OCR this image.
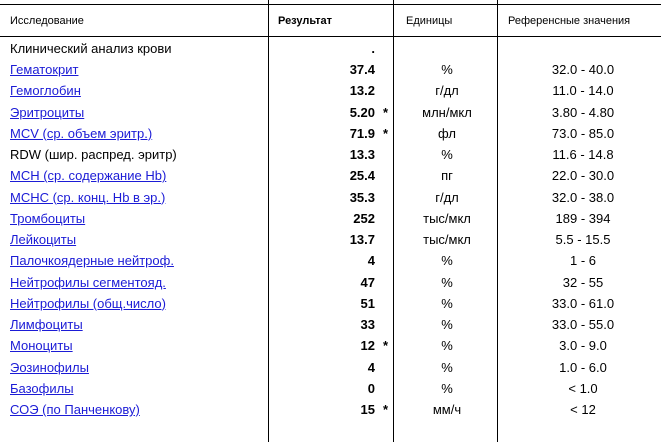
Исследование	Результат	Единицы	Референсные значения
Клинический анализ крови	.
Гематокрит	37.4	%	32.0 - 40.0
Гемоглобин	13.2	г/дл	11.0 - 14.0
Эритроциты	5.20 *	млн/мкл	3.80 - 4.80
MCV (ср. объем эритр.)	71.9 *	фл	73.0 - 85.0
RDW (шир. распред. эритр)	13.3	%	11.6 - 14.8
MCH (ср. содержание Hb)	25.4	пг	22.0 - 30.0
MCHC (ср. конц. Hb в эр.)	35.3	г/дл	32.0 - 38.0
Тромбоциты	252	тыс/мкл	189 - 394
Лейкоциты	13.7	тыс/мкл	5.5 - 15.5
Палочкоядерные нейтроф.	4	%	1 - 6
Нейтрофилы сегментояд.	47	%	32 - 55
Нейтрофилы (общ.число)	51	%	33.0 - 61.0
Лимфоциты	33	%	33.0 - 55.0
Моноциты	12 *	%	3.0 - 9.0
Эозинофилы	4	%	1.0 - 6.0
Базофилы	0	%	< 1.0
СОЭ (по Панченкову)	15 *	мм/ч	< 12
